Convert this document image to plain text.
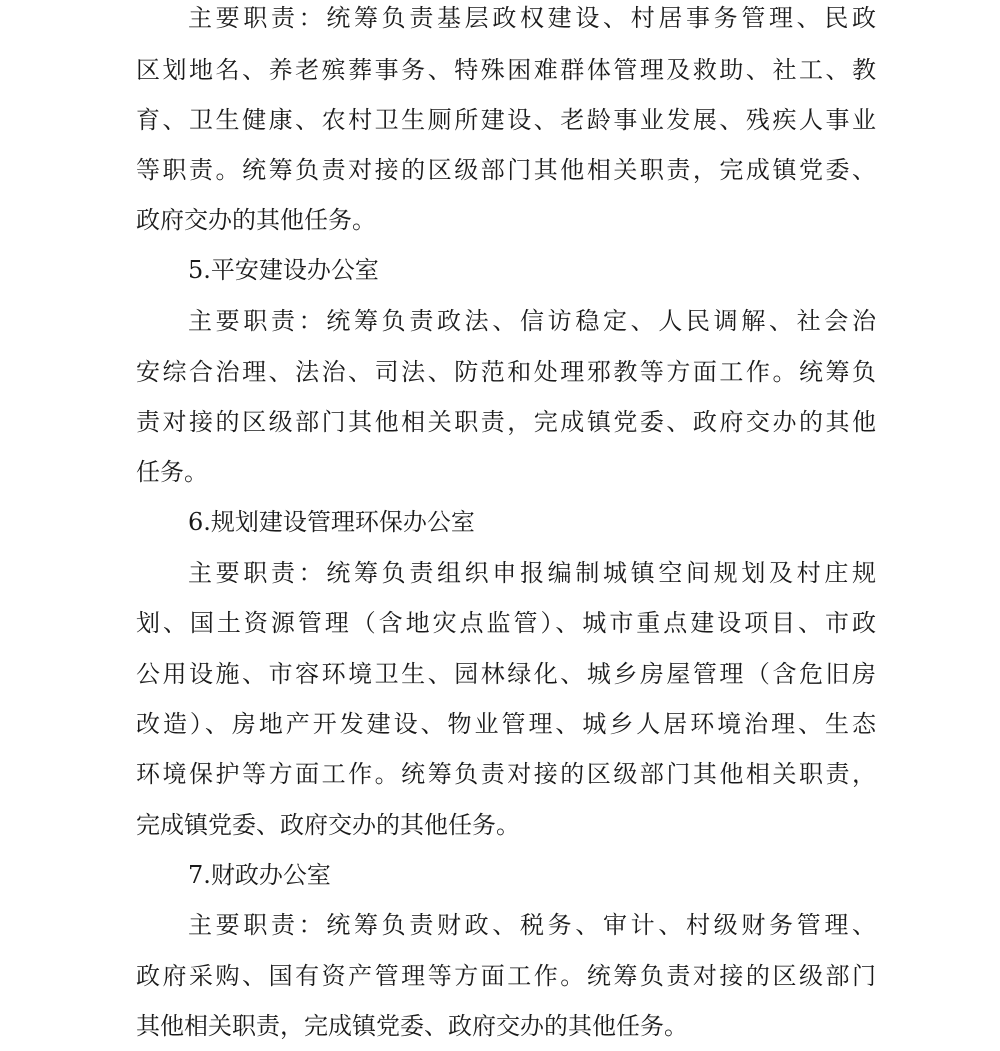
主要职责：统筹负责基层政权建设、村居事务管理、民政
区划地名、养老殡葬事务、特殊困难群体管理及救助、社工、教
育、卫生健康、农村卫生厕所建设、老龄事业发展、残疾人事业
等职责。统筹负责对接的区级部门其他相关职责，完成镇党委、
政府交办的其他任务。
5.平安建设办公室
主要职责：统筹负责政法、信访稳定、人民调解、社会治
安综合治理、法治、司法、防范和处理邪教等方面工作。统筹负
责对接的区级部门其他相关职责，完成镇党委、政府交办的其他
任务。
6.规划建设管理环保办公室
主要职责：统筹负责组织申报编制城镇空间规划及村庄规
划、国土资源管理（含地灾点监管）、城市重点建设项目、市政
公用设施、市容环境卫生、园林绿化、城乡房屋管理（含危旧房
改造）、房地产开发建设、物业管理、城乡人居环境治理、生态
环境保护等方面工作。统筹负责对接的区级部门其他相关职责，
完成镇党委、政府交办的其他任务。
7.财政办公室
主要职责：统筹负责财政、税务、审计、村级财务管理、
政府采购、国有资产管理等方面工作。统筹负责对接的区级部门
其他相关职责，完成镇党委、政府交办的其他任务。
